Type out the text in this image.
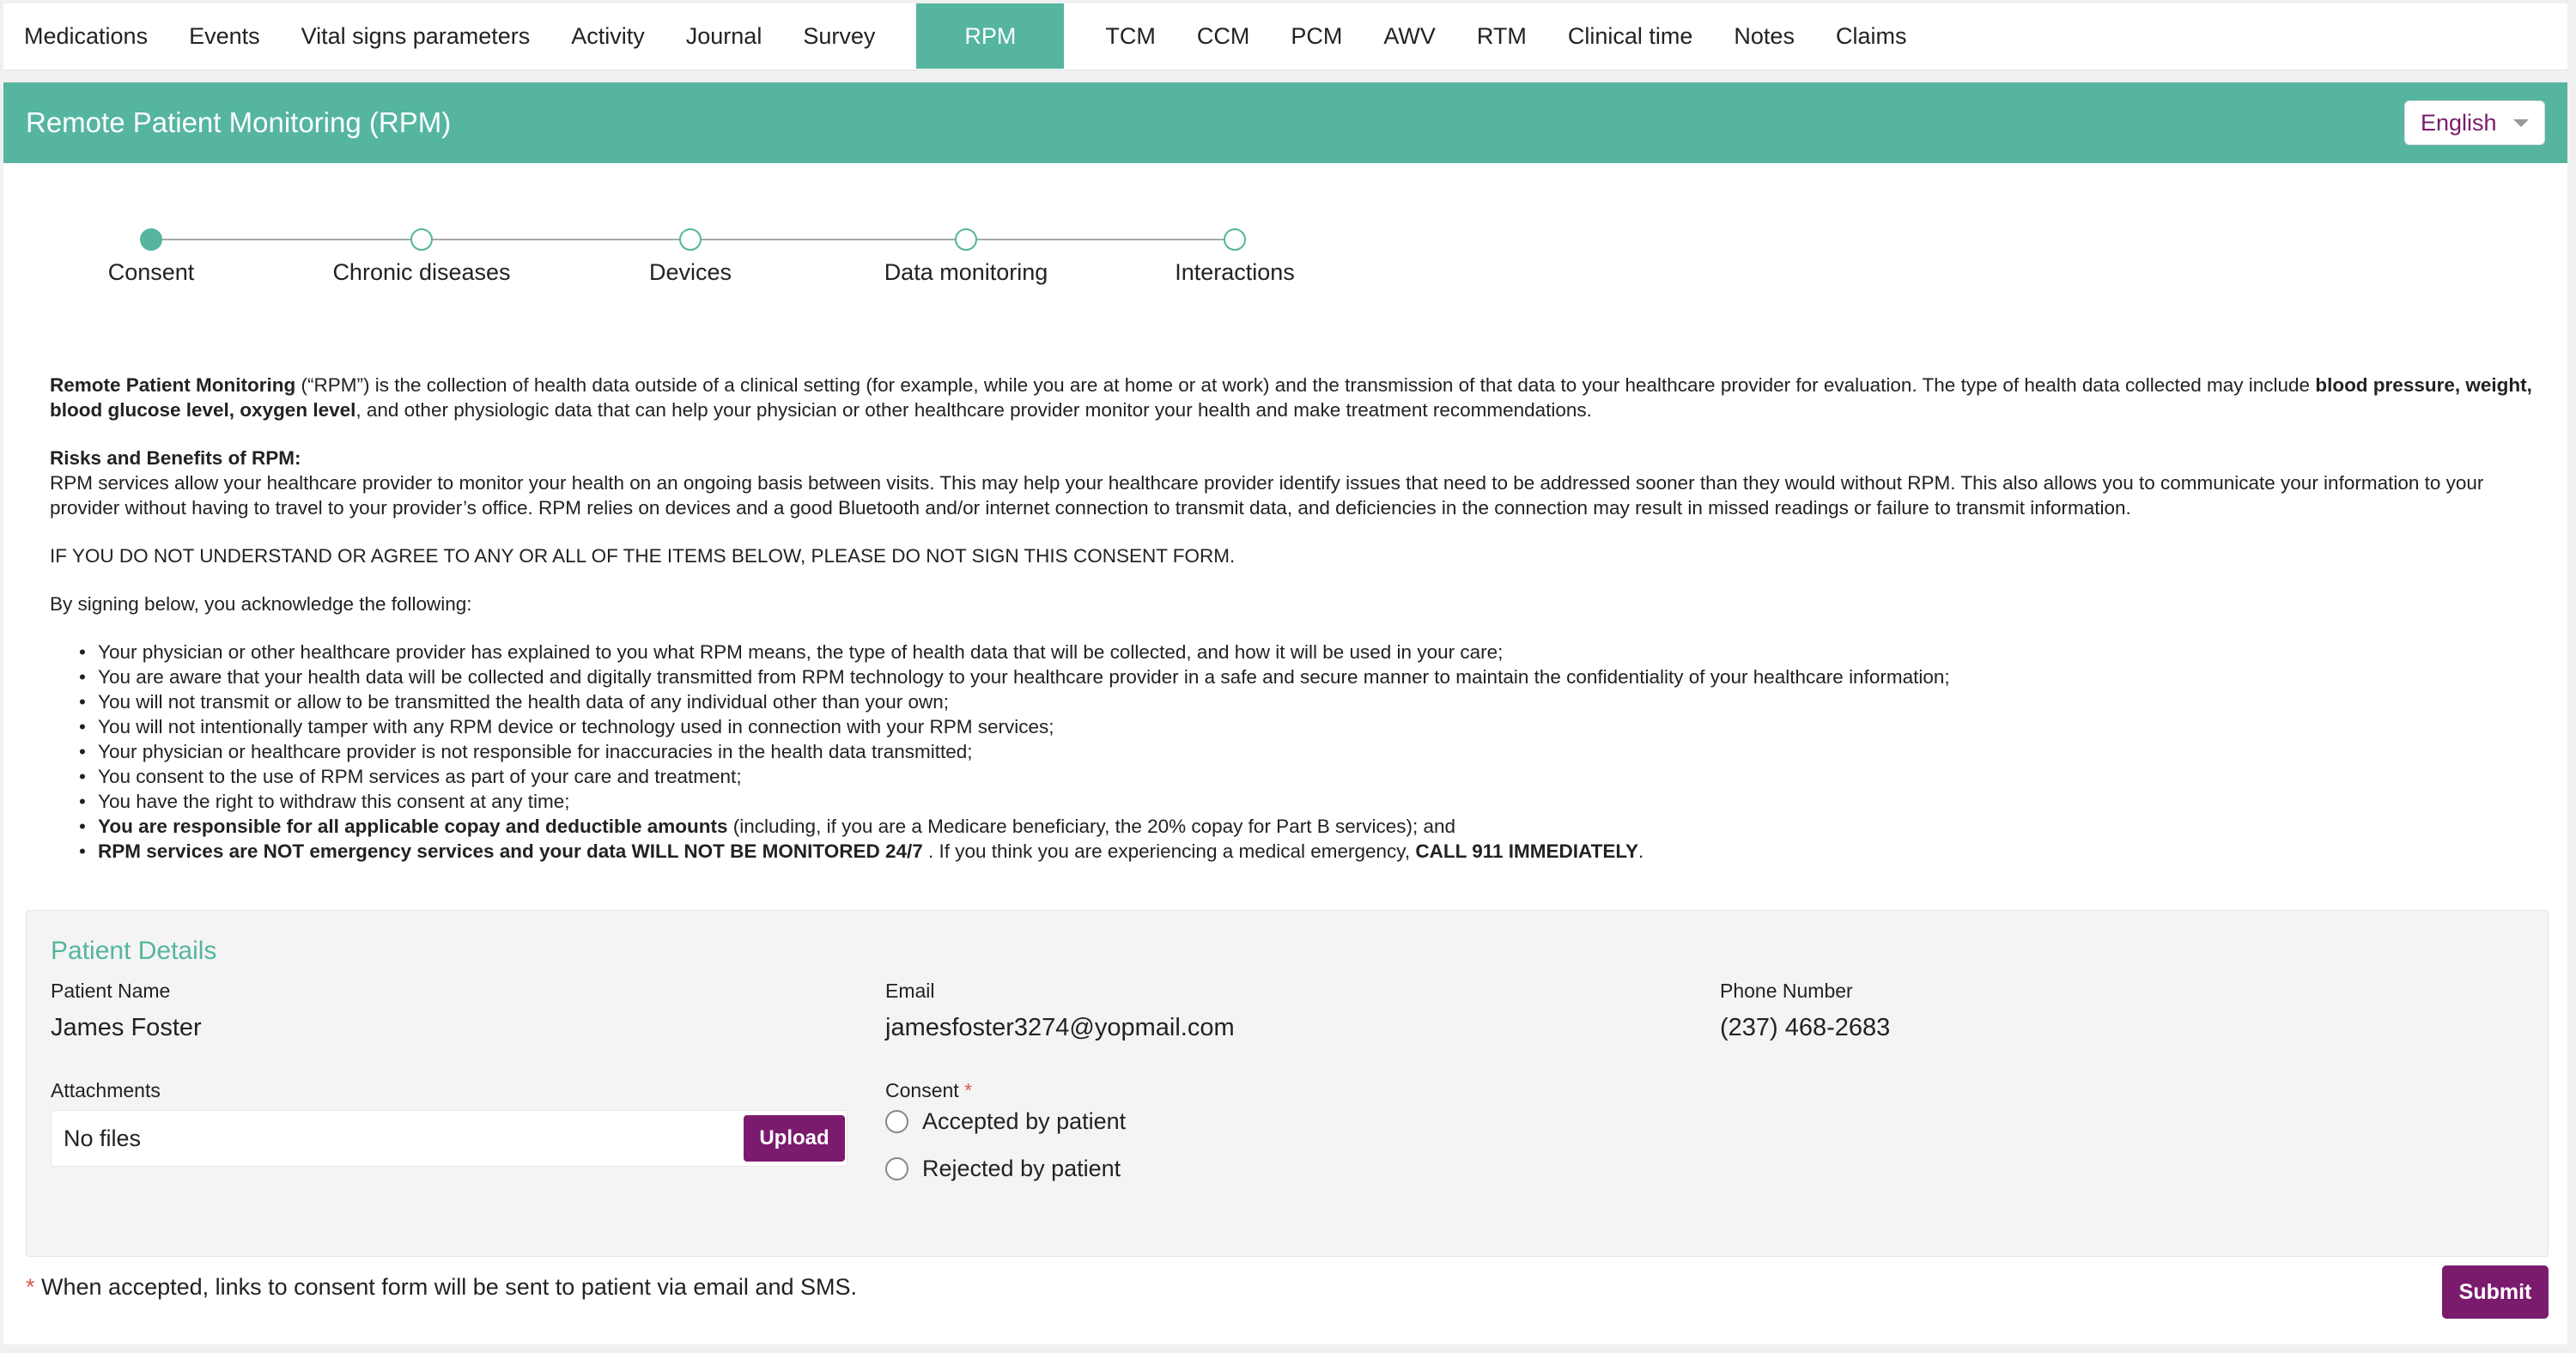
Medications	Events	Vital signs parameters	Activity	Journal	Survey	RPM	TCM	CCM	PCM	AWV	RTM	Clinical time	Notes	Claims
Remote Patient Monitoring (RPM)	English
Consent	Chronic diseases	Devices	Data monitoring	Interactions

Remote Patient Monitoring (“RPM”) is the collection of health data outside of a clinical setting (for example, while you are at home or at work) and the transmission of that data to your healthcare provider for evaluation. The type of health data collected may include blood pressure, weight, blood glucose level, oxygen level, and other physiologic data that can help your physician or other healthcare provider monitor your health and make treatment recommendations.

Risks and Benefits of RPM:
RPM services allow your healthcare provider to monitor your health on an ongoing basis between visits. This may help your healthcare provider identify issues that need to be addressed sooner than they would without RPM. This also allows you to communicate your information to your provider without having to travel to your provider’s office. RPM relies on devices and a good Bluetooth and/or internet connection to transmit data, and deficiencies in the connection may result in missed readings or failure to transmit information.

IF YOU DO NOT UNDERSTAND OR AGREE TO ANY OR ALL OF THE ITEMS BELOW, PLEASE DO NOT SIGN THIS CONSENT FORM.

By signing below, you acknowledge the following:

• Your physician or other healthcare provider has explained to you what RPM means, the type of health data that will be collected, and how it will be used in your care;
• You are aware that your health data will be collected and digitally transmitted from RPM technology to your healthcare provider in a safe and secure manner to maintain the confidentiality of your healthcare information;
• You will not transmit or allow to be transmitted the health data of any individual other than your own;
• You will not intentionally tamper with any RPM device or technology used in connection with your RPM services;
• Your physician or healthcare provider is not responsible for inaccuracies in the health data transmitted;
• You consent to the use of RPM services as part of your care and treatment;
• You have the right to withdraw this consent at any time;
• You are responsible for all applicable copay and deductible amounts (including, if you are a Medicare beneficiary, the 20% copay for Part B services); and
• RPM services are NOT emergency services and your data WILL NOT BE MONITORED 24/7 . If you think you are experiencing a medical emergency, CALL 911 IMMEDIATELY.
Patient Details
Patient Name
James Foster
Email
jamesfoster3274@yopmail.com
Phone Number
(237) 468-2683
Attachments
No files	Upload
Consent *
Accepted by patient
Rejected by patient
* When accepted, links to consent form will be sent to patient via email and SMS.	Submit
